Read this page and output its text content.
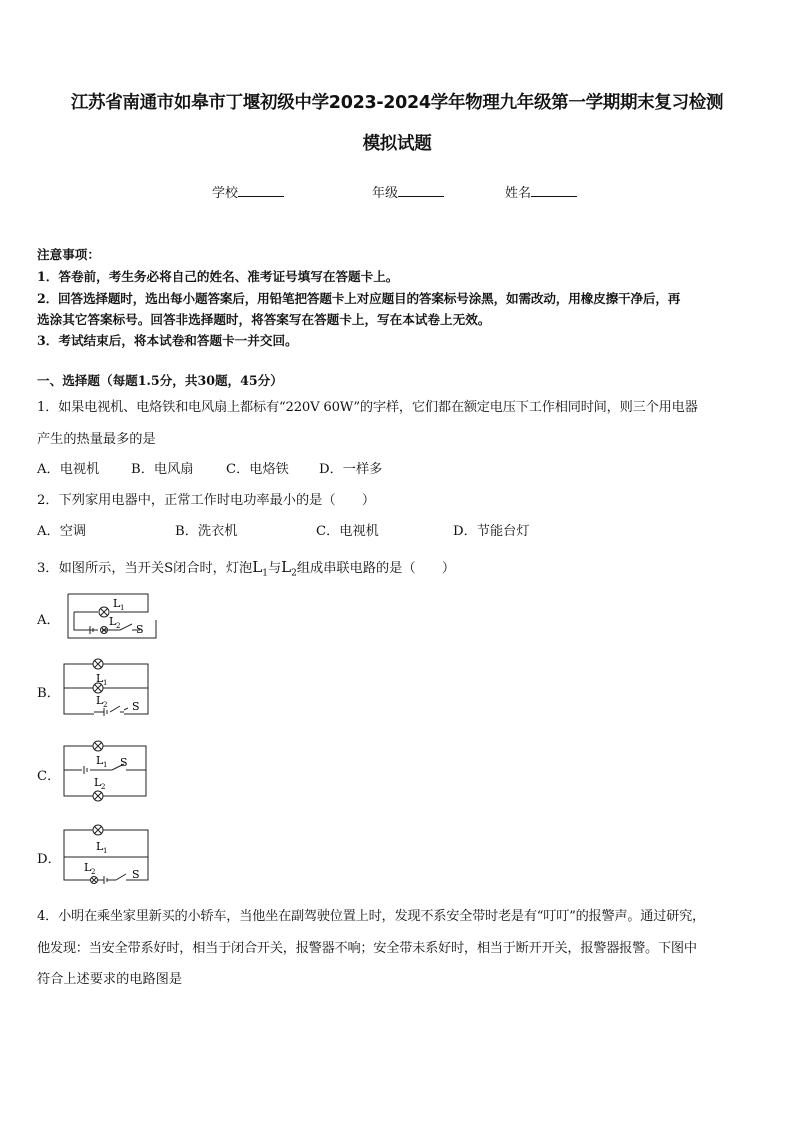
江苏省南通市如皋市丁堰初级中学2023-2024学年物理九年级第一学期期末复习检测
模拟试题
学校	年级	姓名
注意事项：
1．答卷前，考生务必将自己的姓名、准考证号填写在答题卡上。
2．回答选择题时，选出每小题答案后，用铅笔把答题卡上对应题目的答案标号涂黑，如需改动，用橡皮擦干净后，再
选涂其它答案标号。回答非选择题时，将答案写在答题卡上，写在本试卷上无效。
3．考试结束后，将本试卷和答题卡一并交回。
一、选择题（每题1.5分，共30题，45分）
1．如果电视机、电烙铁和电风扇上都标有“220V 60W”的字样，它们都在额定电压下工作相同时间，则三个用电器
产生的热量最多的是
A．电视机 B．电风扇 C．电烙铁 D．一样多
2．下列家用电器中，正常工作时电功率最小的是（　　）
A．空调	B．洗衣机	C．电视机	D．节能台灯
3．如图所示，当开关S闭合时，灯泡$L_1$与$L_2$组成串联电路的是（　　）
A．
B．
C．
D．
L 1
L 2 S
L 1
L 2 S
L 1 S
L 2
L 1
L 2	S
4．小明在乘坐家里新买的小轿车，当他坐在副驾驶位置上时，发现不系安全带时老是有“叮叮”的报警声。通过研究，
他发现：当安全带系好时，相当于闭合开关，报警器不响；安全带未系好时，相当于断开开关，报警器报警。下图中
符合上述要求的电路图是
